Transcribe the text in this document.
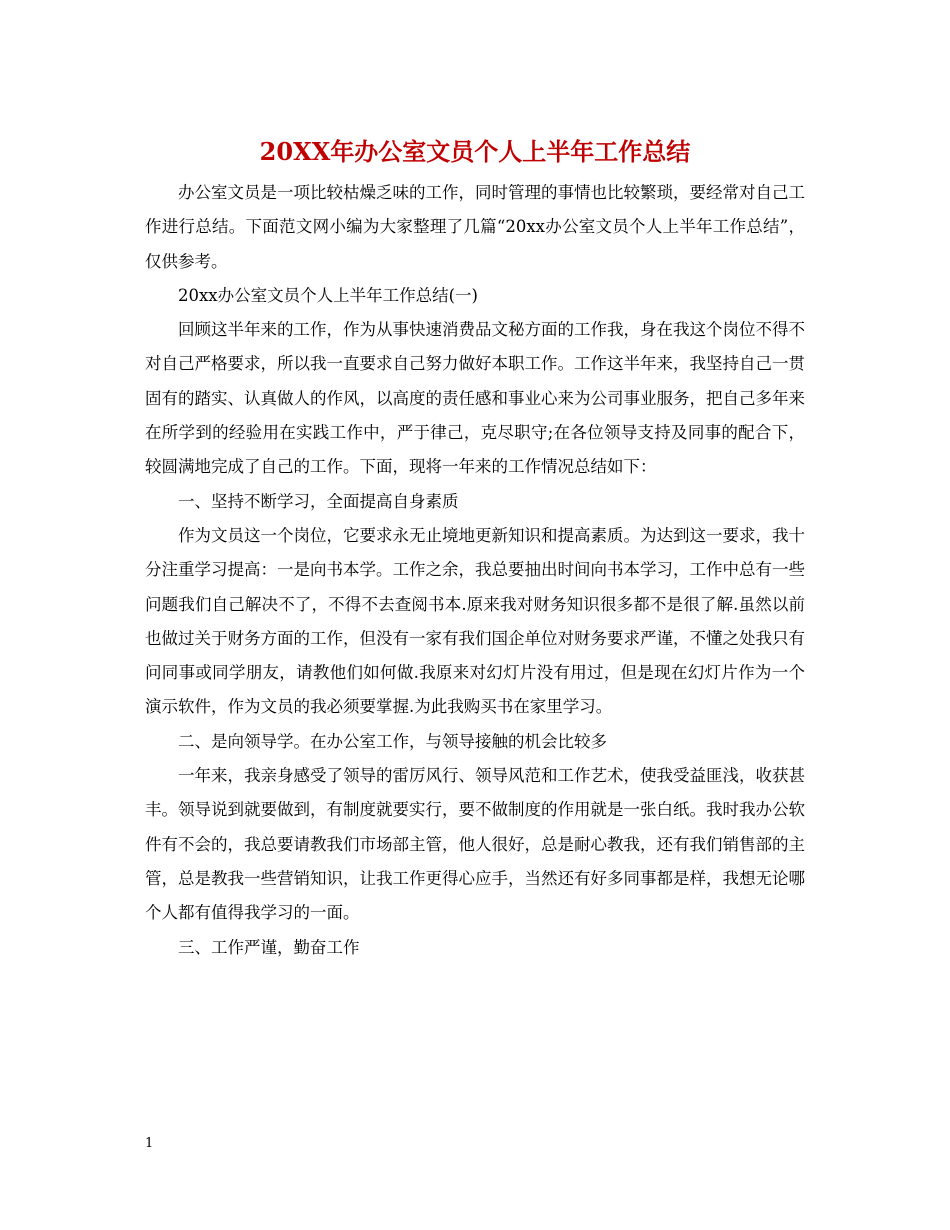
20XX年办公室文员个人上半年工作总结

办公室文员是一项比较枯燥乏味的工作，同时管理的事情也比较繁琐，要经常对自己工作进行总结。下面范文网小编为大家整理了几篇“20xx办公室文员个人上半年工作总结”，仅供参考。

20xx办公室文员个人上半年工作总结(一)

回顾这半年来的工作，作为从事快速消费品文秘方面的工作我，身在我这个岗位不得不对自己严格要求，所以我一直要求自己努力做好本职工作。工作这半年来，我坚持自己一贯固有的踏实、认真做人的作风，以高度的责任感和事业心来为公司事业服务，把自己多年来在所学到的经验用在实践工作中，严于律己，克尽职守;在各位领导支持及同事的配合下，较圆满地完成了自己的工作。下面，现将一年来的工作情况总结如下：

一、坚持不断学习，全面提高自身素质

作为文员这一个岗位，它要求永无止境地更新知识和提高素质。为达到这一要求，我十分注重学习提高：一是向书本学。工作之余，我总要抽出时间向书本学习，工作中总有一些问题我们自己解决不了，不得不去查阅书本.原来我对财务知识很多都不是很了解.虽然以前也做过关于财务方面的工作，但没有一家有我们国企单位对财务要求严谨，不懂之处我只有问同事或同学朋友，请教他们如何做.我原来对幻灯片没有用过，但是现在幻灯片作为一个演示软件，作为文员的我必须要掌握.为此我购买书在家里学习。

二、是向领导学。在办公室工作，与领导接触的机会比较多

一年来，我亲身感受了领导的雷厉风行、领导风范和工作艺术，使我受益匪浅，收获甚丰。领导说到就要做到，有制度就要实行，要不做制度的作用就是一张白纸。我时我办公软件有不会的，我总要请教我们市场部主管，他人很好，总是耐心教我，还有我们销售部的主管，总是教我一些营销知识，让我工作更得心应手，当然还有好多同事都是样，我想无论哪个人都有值得我学习的一面。

三、工作严谨，勤奋工作

1
